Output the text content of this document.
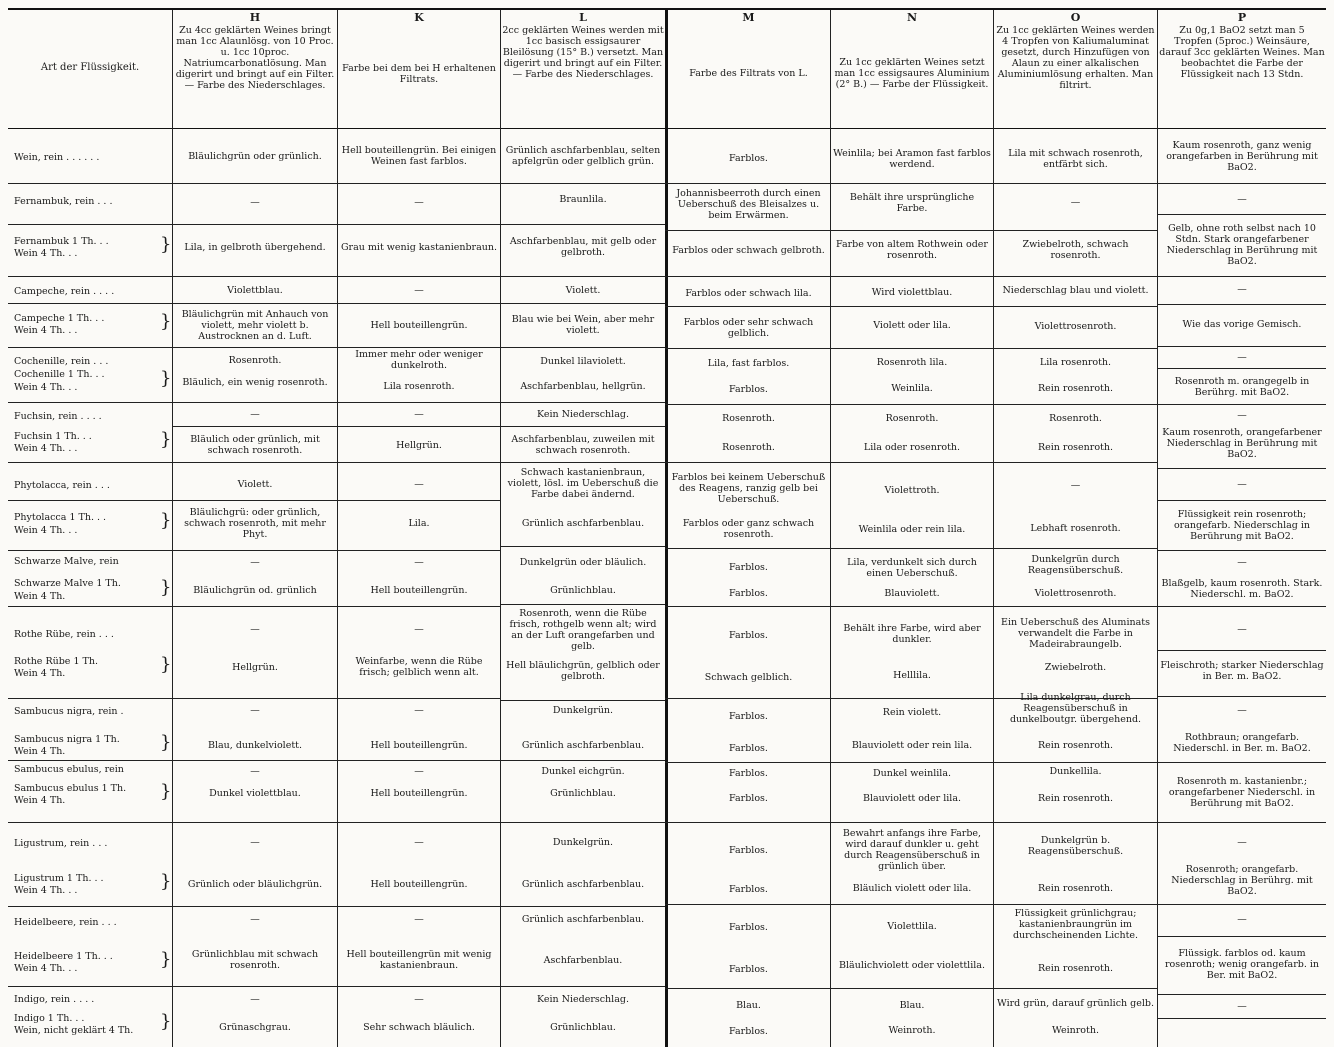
Art der Flüssigkeit.
H
Zu 4cc geklärten Weines bringt man 1cc Alaunlösg. von 10 Proc. u. 1cc 10proc. Natriumcarbonatlösung. Man digerirt und bringt auf ein Filter. — Farbe des Niederschlages.
K
Farbe bei dem bei H erhaltenen Filtrats.
L
2cc geklärten Weines werden mit 1cc basisch essigsaurer Bleilösung (15° B.) versetzt. Man digerirt und bringt auf ein Filter. — Farbe des Niederschlages.
M
Farbe des Filtrats von L.
N
Zu 1cc geklärten Weines setzt man 1cc essigsaures Aluminium (2° B.) — Farbe der Flüssigkeit.
O
Zu 1cc geklärten Weines werden 4 Tropfen von Kaliumaluminat gesetzt, durch Hinzufügen von Alaun zu einer alkalischen Aluminiumlösung erhalten. Man filtrirt.
P
Zu 0g,1 BaO2 setzt man 5 Tropfen (5proc.) Weinsäure, darauf 3cc geklärten Weines. Man beobachtet die Farbe der Flüssigkeit nach 13 Stdn.
Wein, rein . . . . . .
Fernambuk, rein . . .
Fernambuk 1 Th. . .
Wein 4 Th. . .
Campeche, rein . . . .
Campeche 1 Th. . .
Wein 4 Th. . .
Cochenille, rein . . .
Cochenille 1 Th. . .
Wein 4 Th. . .
Fuchsin, rein . . . .
Fuchsin 1 Th. . .
Wein 4 Th. . .
Phytolacca, rein . . .
Phytolacca 1 Th. . .
Wein 4 Th. . .
Schwarze Malve, rein
Schwarze Malve 1 Th.
Wein 4 Th.
Rothe Rübe, rein . . .
Rothe Rübe 1 Th.
Wein 4 Th.
Sambucus nigra, rein .
Sambucus nigra 1 Th.
Wein 4 Th.
Sambucus ebulus, rein
Sambucus ebulus 1 Th.
Wein 4 Th.
Ligustrum, rein . . .
Ligustrum 1 Th. . .
Wein 4 Th. . .
Heidelbeere, rein . . .
Heidelbeere 1 Th. . .
Wein 4 Th. . .
Indigo, rein . . . .
Indigo 1 Th. . .
Wein, nicht geklärt 4 Th.
}
}
}
}
}
}
}
}
}
}
}
}
Bläulichgrün oder grünlich.
—
Lila, in gelbroth übergehend.
Violettblau.
Bläulichgrün mit Anhauch von violett, mehr violett b. Austrocknen an d. Luft.
Rosenroth.
Bläulich, ein wenig rosenroth.
—
Bläulich oder grünlich, mit schwach rosenroth.
Violett.
Bläulichgrü: oder grünlich, schwach rosenroth, mit mehr Phyt.
—
Bläulichgrün od. grünlich
—
Hellgrün.
—
Blau, dunkelviolett.
—
Dunkel violettblau.
—
Grünlich oder bläulichgrün.
—
Grünlichblau mit schwach rosenroth.
—
Grünaschgrau.
Hell bouteillengrün. Bei einigen Weinen fast farblos.
—
Grau mit wenig kastanienbraun.
—
Hell bouteillengrün.
Immer mehr oder weniger dunkelroth.
Lila rosenroth.
—
Hellgrün.
—
Lila.
—
Hell bouteillengrün.
—
Weinfarbe, wenn die Rübe frisch; gelblich wenn alt.
—
Hell bouteillengrün.
—
Hell bouteillengrün.
—
Hell bouteillengrün.
—
Hell bouteillengrün mit wenig kastanienbraun.
—
Sehr schwach bläulich.
Grünlich aschfarbenblau, selten apfelgrün oder gelblich grün.
Braunlila.
Aschfarbenblau, mit gelb oder gelbroth.
Violett.
Blau wie bei Wein, aber mehr violett.
Dunkel lilaviolett.
Aschfarbenblau, hellgrün.
Kein Niederschlag.
Aschfarbenblau, zuweilen mit schwach rosenroth.
Schwach kastanienbraun, violett, lösl. im Ueberschuß die Farbe dabei ändernd.
Grünlich aschfarbenblau.
Dunkelgrün oder bläulich.
Grünlichblau.
Rosenroth, wenn die Rübe frisch, rothgelb wenn alt; wird an der Luft orangefarben und gelb.
Hell bläulichgrün, gelblich oder gelbroth.
Dunkelgrün.
Grünlich aschfarbenblau.
Dunkel eichgrün.
Grünlichblau.
Dunkelgrün.
Grünlich aschfarbenblau.
Grünlich aschfarbenblau.
Aschfarbenblau.
Kein Niederschlag.
Grünlichblau.
Farblos.
Johannisbeerroth durch einen Ueberschuß des Bleisalzes u. beim Erwärmen.
Farblos oder schwach gelbroth.
Farblos oder schwach lila.
Farblos oder sehr schwach gelblich.
Lila, fast farblos.
Farblos.
Rosenroth.
Rosenroth.
Farblos bei keinem Ueberschuß des Reagens, ranzig gelb bei Ueberschuß.
Farblos oder ganz schwach rosenroth.
Farblos.
Farblos.
Farblos.
Schwach gelblich.
Farblos.
Farblos.
Farblos.
Farblos.
Farblos.
Farblos.
Farblos.
Farblos.
Blau.
Farblos.
Weinlila; bei Aramon fast farblos werdend.
Behält ihre ursprüngliche Farbe.
Farbe von altem Rothwein oder rosenroth.
Wird violettblau.
Violett oder lila.
Rosenroth lila.
Weinlila.
Rosenroth.
Lila oder rosenroth.
Violettroth.
Weinlila oder rein lila.
Lila, verdunkelt sich durch einen Ueberschuß.
Blauviolett.
Behält ihre Farbe, wird aber dunkler.
Helllila.
Rein violett.
Blauviolett oder rein lila.
Dunkel weinlila.
Blauviolett oder lila.
Bewahrt anfangs ihre Farbe, wird darauf dunkler u. geht durch Reagensüberschuß in grünlich über.
Bläulich violett oder lila.
Violettlila.
Bläulichviolett oder violettlila.
Blau.
Weinroth.
Lila mit schwach rosenroth, entfärbt sich.
—
Zwiebelroth, schwach rosenroth.
Niederschlag blau und violett.
Violettrosenroth.
Lila rosenroth.
Rein rosenroth.
Rosenroth.
Rein rosenroth.
—
Lebhaft rosenroth.
Dunkelgrün durch Reagensüberschuß.
Violettrosenroth.
Ein Ueberschuß des Aluminats verwandelt die Farbe in Madeirabraungelb.
Zwiebelroth.
Lila dunkelgrau, durch Reagensüberschuß in dunkelboutgr. übergehend.
Rein rosenroth.
Dunkellila.
Rein rosenroth.
Dunkelgrün b. Reagensüberschuß.
Rein rosenroth.
Flüssigkeit grünlichgrau; kastanienbraungrün im durchscheinenden Lichte.
Rein rosenroth.
Wird grün, darauf grünlich gelb.
Weinroth.
Kaum rosenroth, ganz wenig orangefarben in Berührung mit BaO2.
—
Gelb, ohne roth selbst nach 10 Stdn. Stark orangefarbener Niederschlag in Berührung mit BaO2.
—
Wie das vorige Gemisch.
—
Rosenroth m. orangegelb in Berührg. mit BaO2.
—
Kaum rosenroth, orangefarbener Niederschlag in Berührung mit BaO2.
—
Flüssigkeit rein rosenroth; orangefarb. Niederschlag in Berührung mit BaO2.
—
Blaßgelb, kaum rosenroth. Stark. Niederschl. m. BaO2.
—
Fleischroth; starker Niederschlag in Ber. m. BaO2.
—
Rothbraun; orangefarb. Niederschl. in Ber. m. BaO2.
Rosenroth m. kastanienbr.; orangefarbener Niederschl. in Berührung mit BaO2.
—
Rosenroth; orangefarb. Niederschlag in Berührg. mit BaO2.
—
Flüssigk. farblos od. kaum rosenroth; wenig orangefarb. in Ber. mit BaO2.
—
